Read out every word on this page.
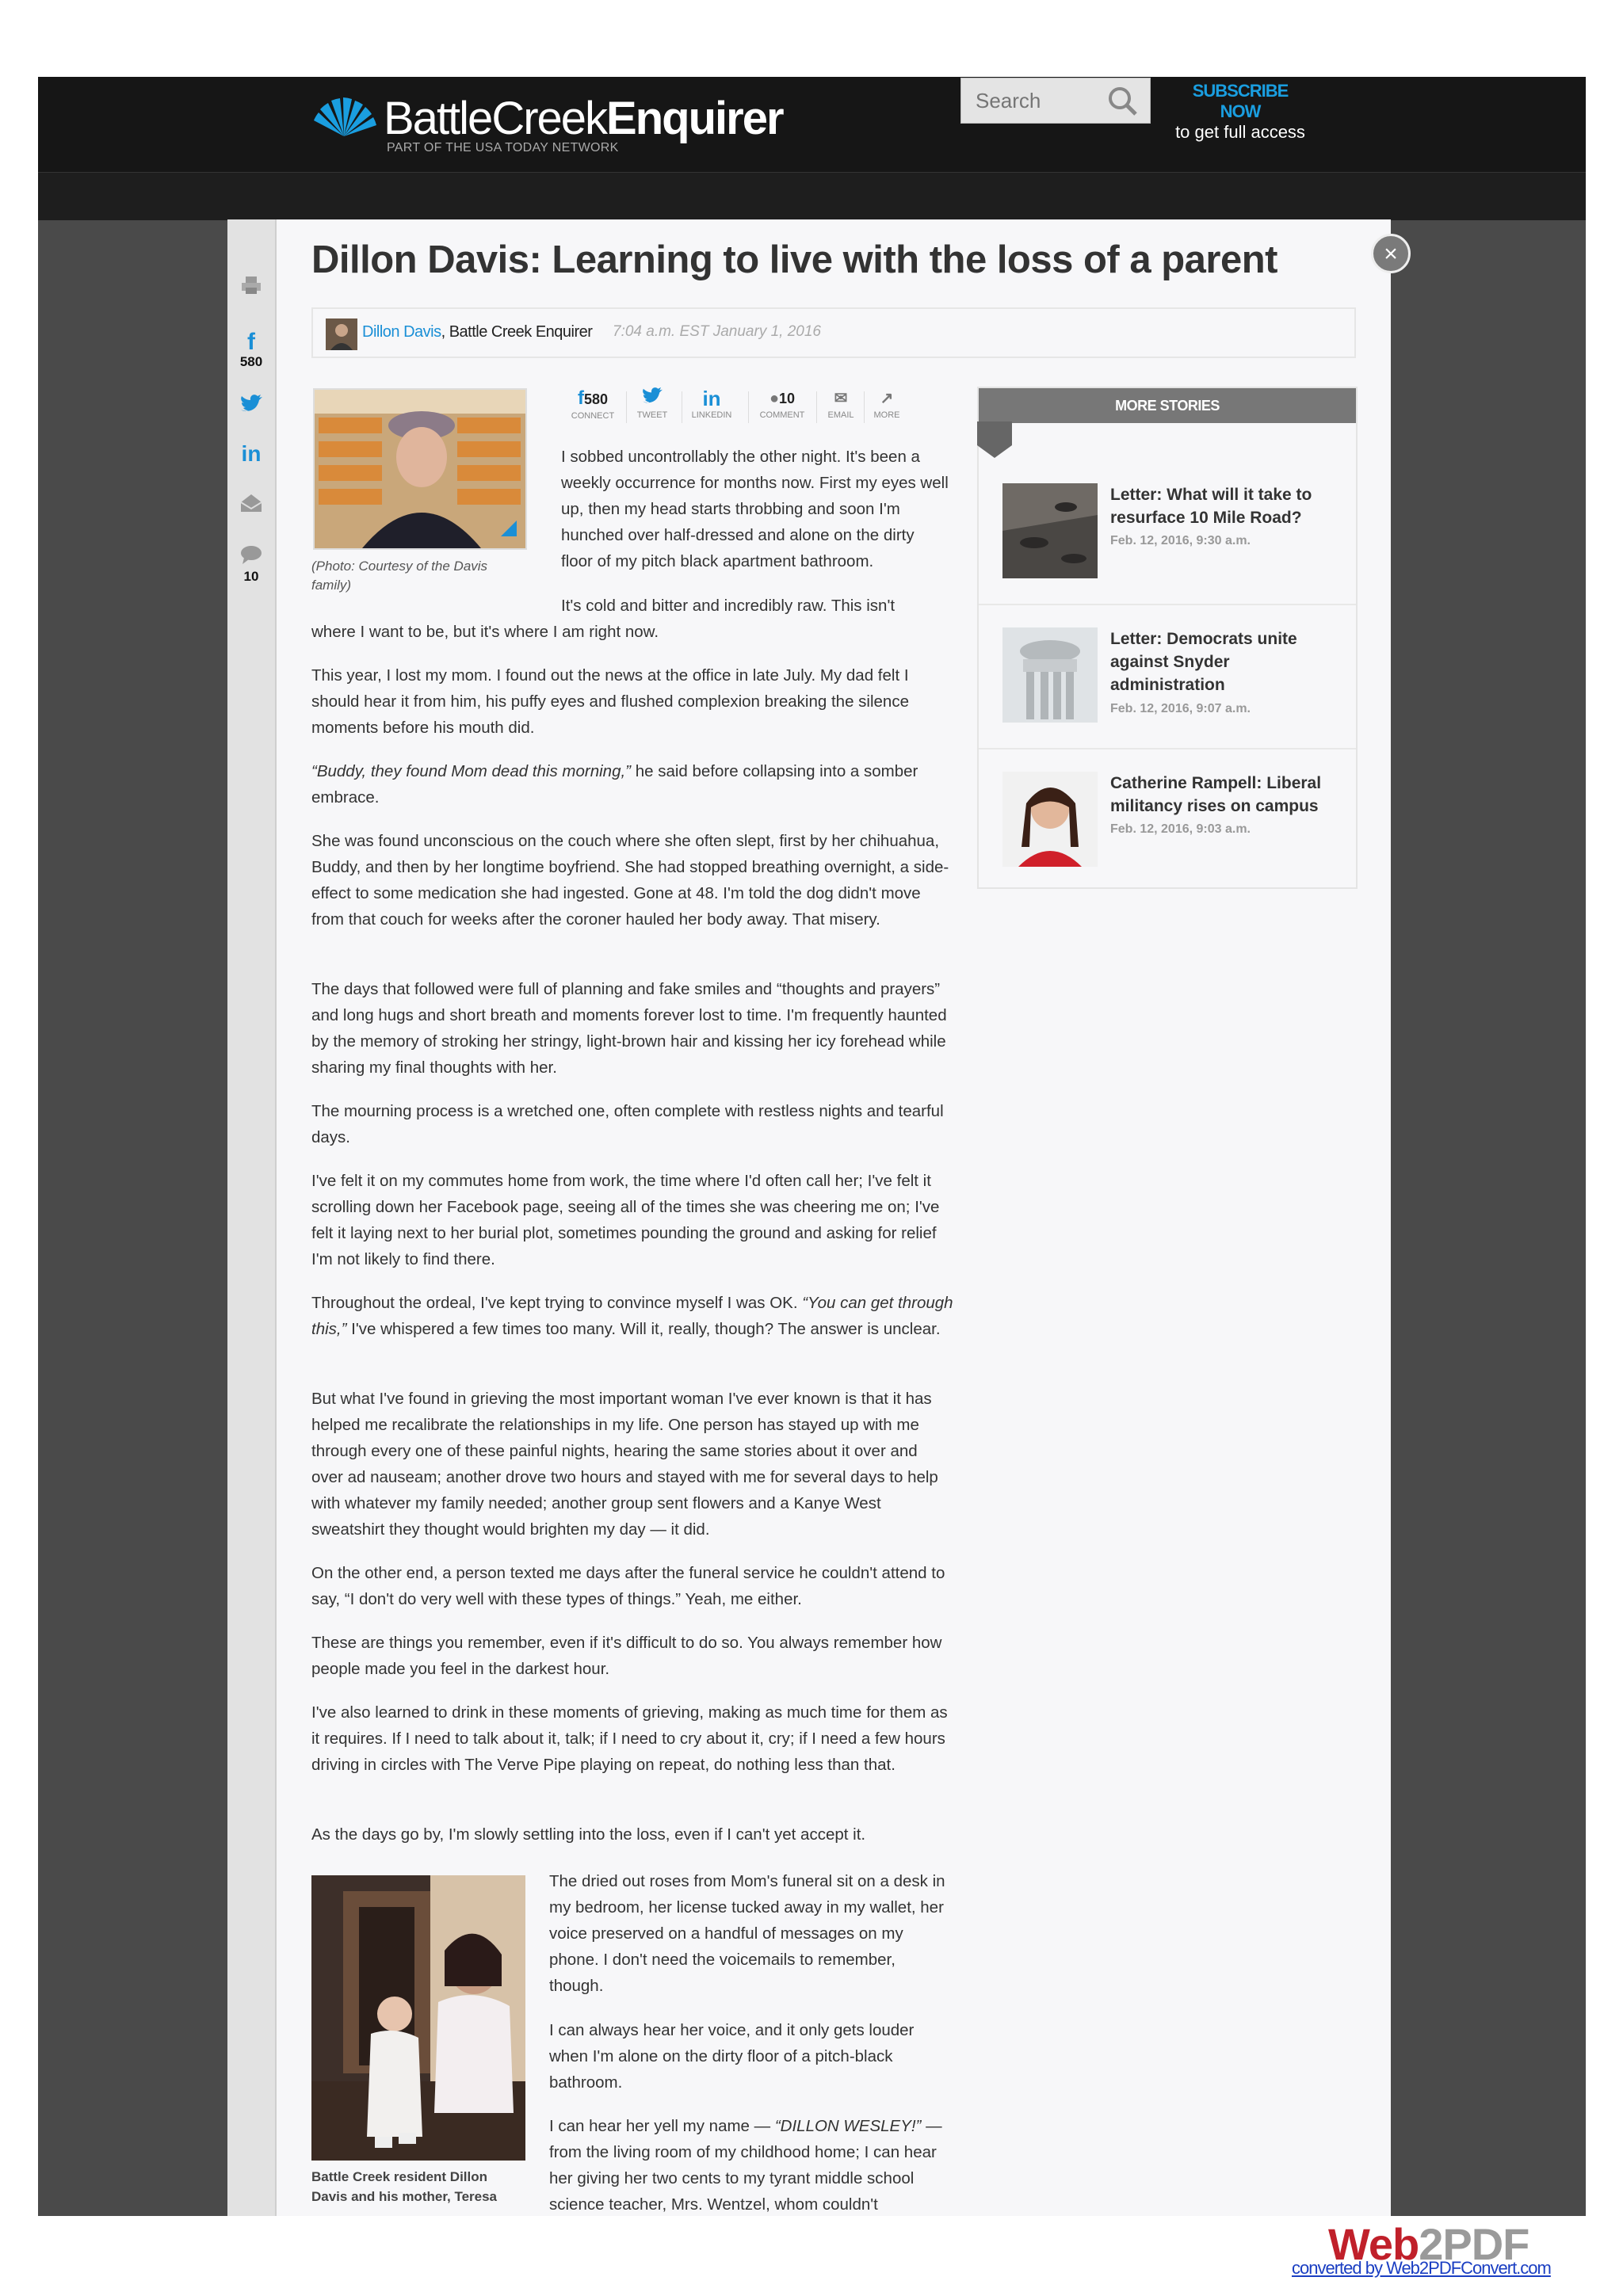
BattleCreekEnquirer
PART OF THE USA TODAY NETWORK
Search
SUBSCRIBE NOW
to get full access
f
580
in
10
×
Dillon Davis: Learning to live with the loss of a parent
Dillon Davis, Battle Creek Enquirer 7:04 a.m. EST January 1, 2016
(Photo: Courtesy of the Davis family)
f580
CONNECT	TWEET
in
LINKEDIN
●10
COMMENT
✉
EMAIL
↗
MORE

I sobbed uncontrollably the other night. It's been a weekly occurrence for months now. First my eyes well up, then my head starts throbbing and soon I'm hunched over half-dressed and alone on the dirty floor of my pitch black apartment bathroom.

It's cold and bitter and incredibly raw. This isn't

where I want to be, but it's where I am right now.

This year, I lost my mom. I found out the news at the office in late July. My dad felt I should hear it from him, his puffy eyes and flushed complexion breaking the silence moments before his mouth did.

“Buddy, they found Mom dead this morning,” he said before collapsing into a somber embrace.

She was found unconscious on the couch where she often slept, first by her chihuahua, Buddy, and then by her longtime boyfriend. She had stopped breathing overnight, a side-effect to some medication she had ingested. Gone at 48. I'm told the dog didn't move from that couch for weeks after the coroner hauled her body away. That misery.

The days that followed were full of planning and fake smiles and “thoughts and prayers” and long hugs and short breath and moments forever lost to time. I'm frequently haunted by the memory of stroking her stringy, light-brown hair and kissing her icy forehead while sharing my final thoughts with her.

The mourning process is a wretched one, often complete with restless nights and tearful days.

I've felt it on my commutes home from work, the time where I'd often call her; I've felt it scrolling down her Facebook page, seeing all of the times she was cheering me on; I've felt it laying next to her burial plot, sometimes pounding the ground and asking for relief I'm not likely to find there.

Throughout the ordeal, I've kept trying to convince myself I was OK. “You can get through this,” I've whispered a few times too many. Will it, really, though? The answer is unclear.

But what I've found in grieving the most important woman I've ever known is that it has helped me recalibrate the relationships in my life. One person has stayed up with me through every one of these painful nights, hearing the same stories about it over and over ad nauseam; another drove two hours and stayed with me for several days to help with whatever my family needed; another group sent flowers and a Kanye West sweatshirt they thought would brighten my day — it did.

On the other end, a person texted me days after the funeral service he couldn't attend to say, “I don't do very well with these types of things.” Yeah, me either.

These are things you remember, even if it's difficult to do so. You always remember how people made you feel in the darkest hour.

I've also learned to drink in these moments of grieving, making as much time for them as it requires. If I need to talk about it, talk; if I need to cry about it, cry; if I need a few hours driving in circles with The Verve Pipe playing on repeat, do nothing less than that.

As the days go by, I'm slowly settling into the loss, even if I can't yet accept it.

Battle Creek resident Dillon Davis and his mother, Teresa

The dried out roses from Mom's funeral sit on a desk in my bedroom, her license tucked away in my wallet, her voice preserved on a handful of messages on my phone. I don't need the voicemails to remember, though.

I can always hear her voice, and it only gets louder when I'm alone on the dirty floor of a pitch-black bathroom.

I can hear her yell my name — “DILLON WESLEY!” — from the living room of my childhood home; I can hear her giving her two cents to my tyrant middle school science teacher, Mrs. Wentzel, whom couldn't

MORE STORIES
Letter: What will it take to resurface 10 Mile Road?
Feb. 12, 2016, 9:30 a.m.
Letter: Democrats unite against Snyder administration
Feb. 12, 2016, 9:07 a.m.
Catherine Rampell: Liberal militancy rises on campus
Feb. 12, 2016, 9:03 a.m.
Web2PDF
converted by Web2PDFConvert.com
